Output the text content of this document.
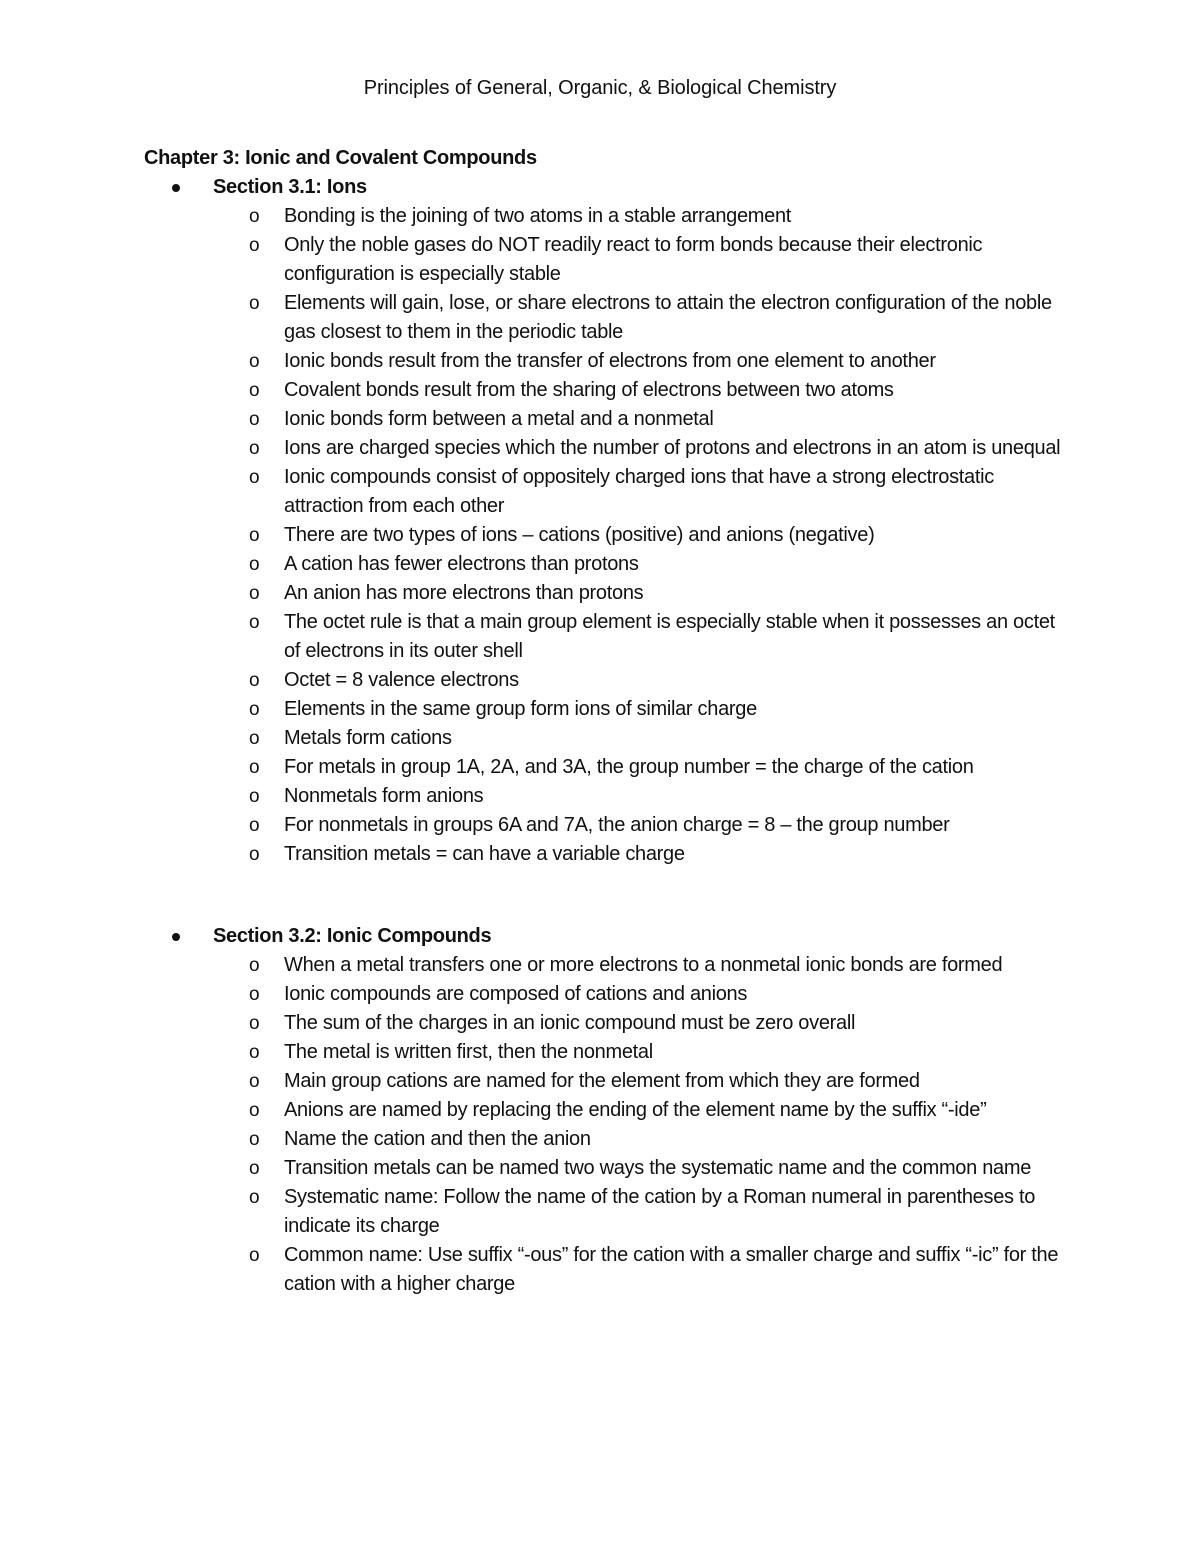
Principles of General, Organic, & Biological Chemistry
Chapter 3: Ionic and Covalent Compounds
Section 3.1: Ions
o Bonding is the joining of two atoms in a stable arrangement
o Only the noble gases do NOT readily react to form bonds because their electronic configuration is especially stable
o Elements will gain, lose, or share electrons to attain the electron configuration of the noble gas closest to them in the periodic table
o Ionic bonds result from the transfer of electrons from one element to another
o Covalent bonds result from the sharing of electrons between two atoms
o Ionic bonds form between a metal and a nonmetal
o Ions are charged species which the number of protons and electrons in an atom is unequal
o Ionic compounds consist of oppositely charged ions that have a strong electrostatic attraction from each other
o There are two types of ions – cations (positive) and anions (negative)
o A cation has fewer electrons than protons
o An anion has more electrons than protons
o The octet rule is that a main group element is especially stable when it possesses an octet of electrons in its outer shell
o Octet = 8 valence electrons
o Elements in the same group form ions of similar charge
o Metals form cations
o For metals in group 1A, 2A, and 3A, the group number = the charge of the cation
o Nonmetals form anions
o For nonmetals in groups 6A and 7A, the anion charge = 8 – the group number
o Transition metals = can have a variable charge
Section 3.2: Ionic Compounds
o When a metal transfers one or more electrons to a nonmetal ionic bonds are formed
o Ionic compounds are composed of cations and anions
o The sum of the charges in an ionic compound must be zero overall
o The metal is written first, then the nonmetal
o Main group cations are named for the element from which they are formed
o Anions are named by replacing the ending of the element name by the suffix “-ide”
o Name the cation and then the anion
o Transition metals can be named two ways the systematic name and the common name
o Systematic name: Follow the name of the cation by a Roman numeral in parentheses to indicate its charge
o Common name: Use suffix “-ous” for the cation with a smaller charge and suffix “-ic” for the cation with a higher charge
